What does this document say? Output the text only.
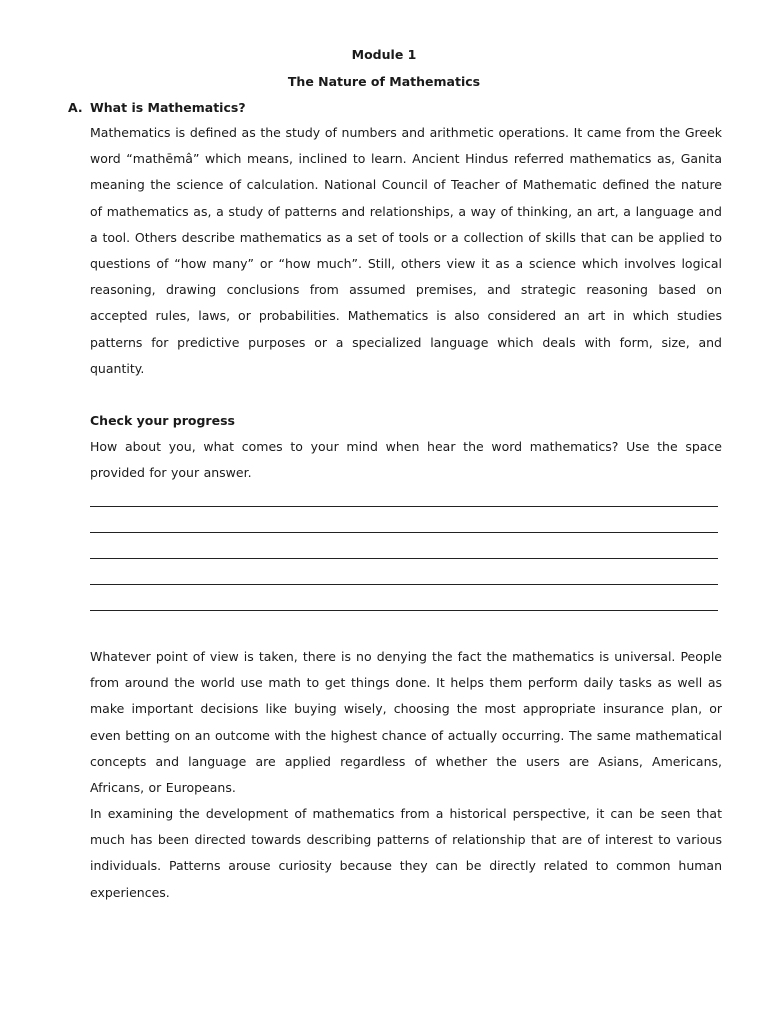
Module 1
The Nature of Mathematics
A. What is Mathematics?
Mathematics is defined as the study of numbers and arithmetic operations. It came from the Greek word “mathēmâ” which means, inclined to learn. Ancient Hindus referred mathematics as, Ganita meaning the science of calculation. National Council of Teacher of Mathematic defined the nature of mathematics as, a study of patterns and relationships, a way of thinking, an art, a language and a tool. Others describe mathematics as a set of tools or a collection of skills that can be applied to questions of “how many” or “how much”. Still, others view it as a science which involves logical reasoning, drawing conclusions from assumed premises, and strategic reasoning based on accepted rules, laws, or probabilities. Mathematics is also considered an art in which studies patterns for predictive purposes or a specialized language which deals with form, size, and quantity.
Check your progress
How about you, what comes to your mind when hear the word mathematics? Use the space provided for your answer.
Whatever point of view is taken, there is no denying the fact the mathematics is universal. People from around the world use math to get things done. It helps them perform daily tasks as well as make important decisions like buying wisely, choosing the most appropriate insurance plan, or even betting on an outcome with the highest chance of actually occurring. The same mathematical concepts and language are applied regardless of whether the users are Asians, Americans, Africans, or Europeans.
In examining the development of mathematics from a historical perspective, it can be seen that much has been directed towards describing patterns of relationship that are of interest to various individuals. Patterns arouse curiosity because they can be directly related to common human experiences.
